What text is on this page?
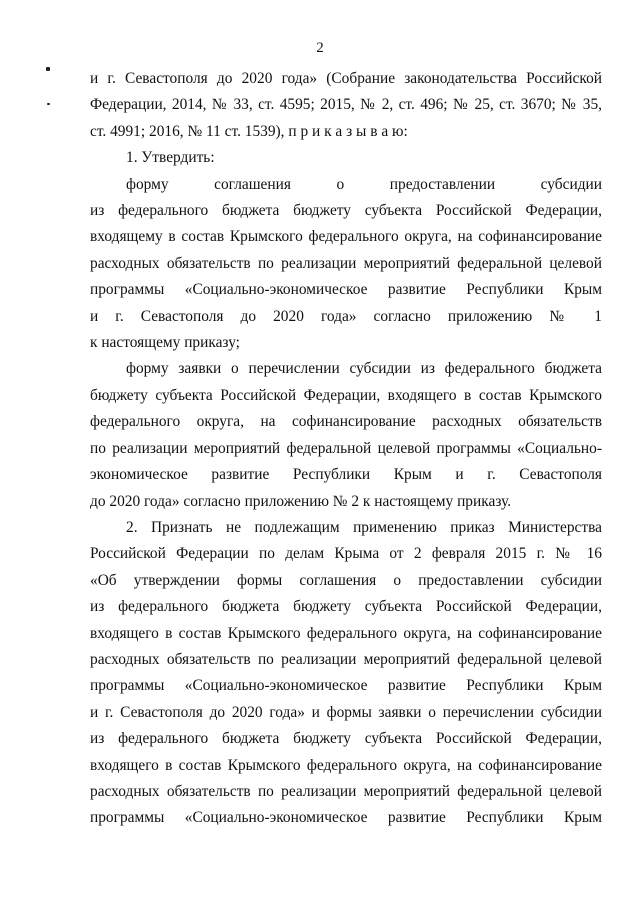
2

и г. Севастополя до 2020 года» (Собрание законодательства Российской

Федерации, 2014, № 33, ст. 4595; 2015, № 2, ст. 496; № 25, ст. 3670; № 35,

ст. 4991; 2016, № 11 ст. 1539), п р и к а з ы в а ю:

1. Утвердить:

форму соглашения о предоставлении субсидии

из федерального бюджета бюджету субъекта Российской Федерации,

входящему в состав Крымского федерального округа, на софинансирование

расходных обязательств по реализации мероприятий федеральной целевой

программы «Социально-экономическое развитие Республики Крым

и г. Севастополя до 2020 года» согласно приложению № 1

к настоящему приказу;

форму заявки о перечислении субсидии из федерального бюджета

бюджету субъекта Российской Федерации, входящего в состав Крымского

федерального округа, на софинансирование расходных обязательств

по реализации мероприятий федеральной целевой программы «Социально-

экономическое развитие Республики Крым и г. Севастополя

до 2020 года» согласно приложению № 2 к настоящему приказу.

2. Признать не подлежащим применению приказ Министерства

Российской Федерации по делам Крыма от 2 февраля 2015 г. № 16

«Об утверждении формы соглашения о предоставлении субсидии

из федерального бюджета бюджету субъекта Российской Федерации,

входящего в состав Крымского федерального округа, на софинансирование

расходных обязательств по реализации мероприятий федеральной целевой

программы «Социально-экономическое развитие Республики Крым

и г. Севастополя до 2020 года» и формы заявки о перечислении субсидии

из федерального бюджета бюджету субъекта Российской Федерации,

входящего в состав Крымского федерального округа, на софинансирование

расходных обязательств по реализации мероприятий федеральной целевой

программы «Социально-экономическое развитие Республики Крым
